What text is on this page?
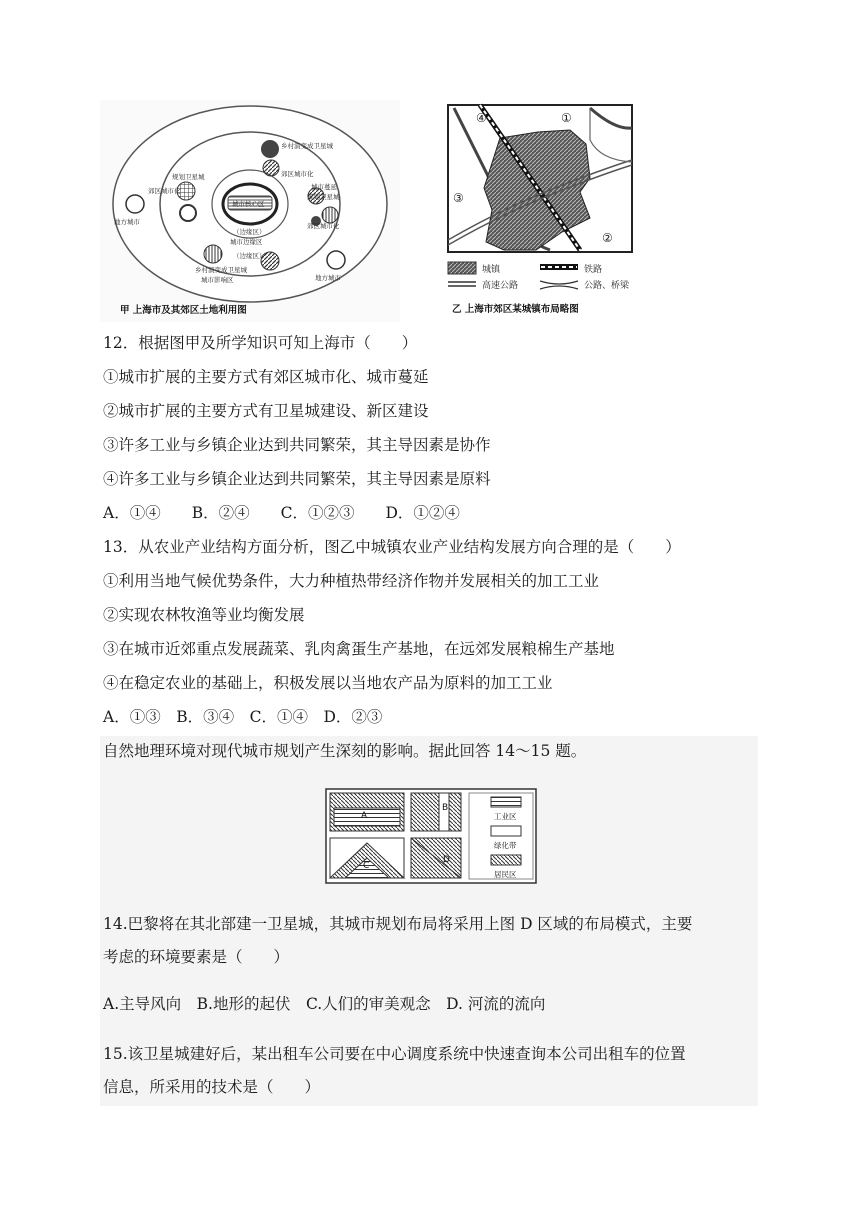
城市核心区
（边缘区）
城市边缘区
（边缘区）
乡村演变成卫星城
规划卫星城
郊区城市化
郊区城市化
城市蔓延
规划卫星城
郊区城市化
乡村演变成卫星城
城市影响区
地方城市
地方城市
甲 上海市及其郊区土地利用图
④	①
③
②
城镇	铁路
高速公路	公路、桥梁
乙 上海市郊区某城镇布局略图
12．根据图甲及所学知识可知上海市（　　）
①城市扩展的主要方式有郊区城市化、城市蔓延
②城市扩展的主要方式有卫星城建设、新区建设
③许多工业与乡镇企业达到共同繁荣，其主导因素是协作
④许多工业与乡镇企业达到共同繁荣，其主导因素是原料
A．①④　　B．②④　　C．①②③　　D．①②④
13．从农业产业结构方面分析，图乙中城镇农业产业结构发展方向合理的是（　　）
①利用当地气候优势条件，大力种植热带经济作物并发展相关的加工工业
②实现农林牧渔等业均衡发展
③在城市近郊重点发展蔬菜、乳肉禽蛋生产基地，在远郊发展粮棉生产基地
④在稳定农业的基础上，积极发展以当地农产品为原料的加工工业
A．①③　B．③④　C．①④　D．②③
自然地理环境对现代城市规划产生深刻的影响。据此回答 14～15 题。
A
B
C
D
工业区
绿化带
居民区
14.巴黎将在其北部建一卫星城，其城市规划布局将采用上图 D 区域的布局模式，主要
考虑的环境要素是（　　）
A.主导风向　B.地形的起伏　C.人们的审美观念　D. 河流的流向
15.该卫星城建好后，某出租车公司要在中心调度系统中快速查询本公司出租车的位置
信息，所采用的技术是（　　）
